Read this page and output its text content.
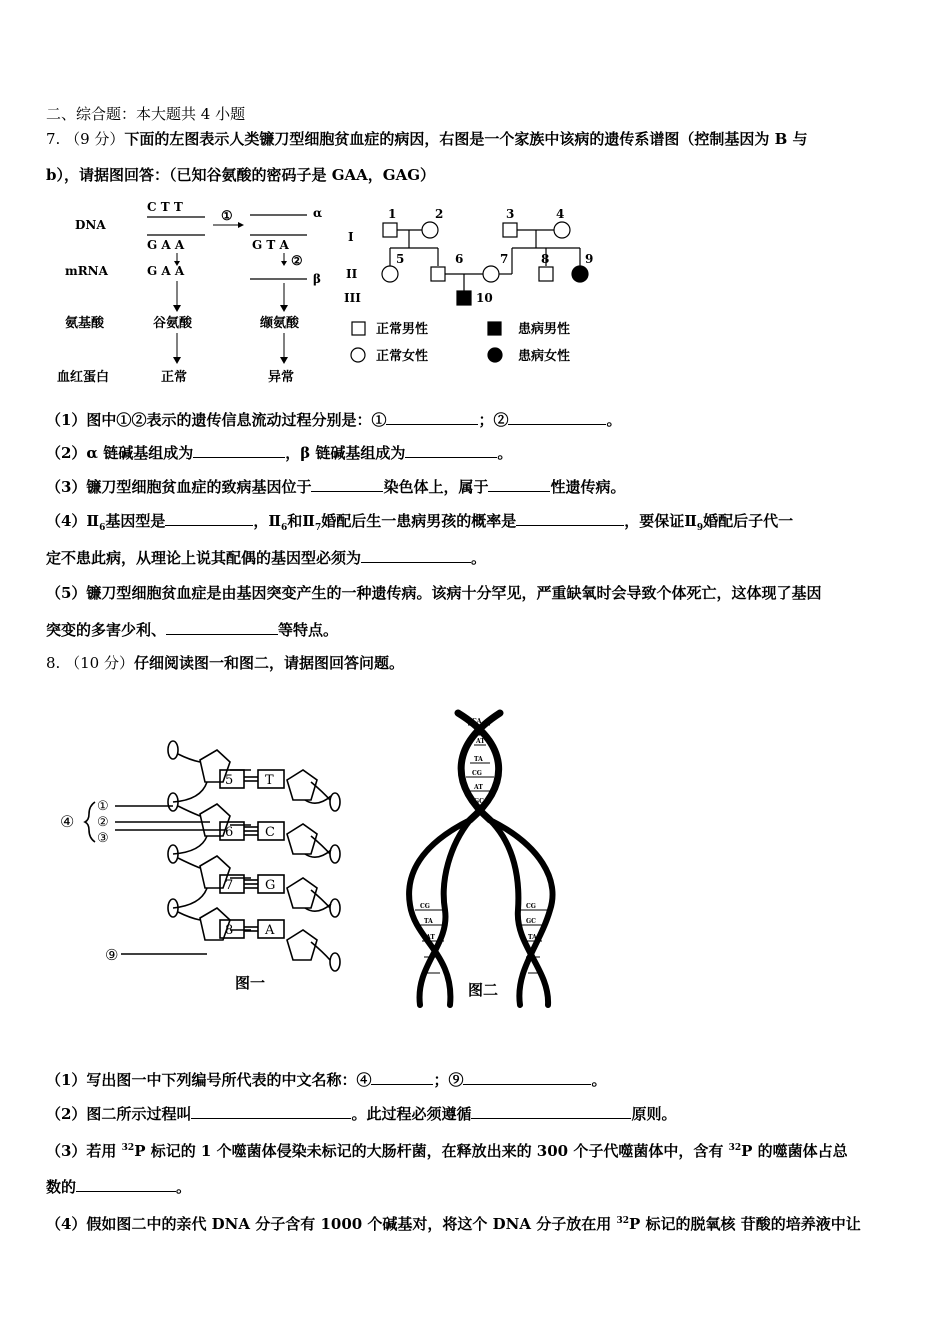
二、综合题：本大题共 4 小题
7. （9 分）下面的左图表示人类镰刀型细胞贫血症的病因，右图是一个家族中该病的遗传系谱图（控制基因为 B 与
b），请据图回答：（已知谷氨酸的密码子是 GAA，GAG）
DNA
mRNA
氨基酸
血红蛋白
C T T
G A A
G A A
谷氨酸
正常
①	α
G T A
②
β
缬氨酸
异常
I
II
III
1	2	3	4
5	6	7	8	9
10
正常男性	患病男性
正常女性	患病女性
（1）图中①②表示的遗传信息流动过程分别是：①	；②	。
（2）α 链碱基组成为	，β 链碱基组成为	。
（3）镰刀型细胞贫血症的致病基因位于	染色体上，属于	性遗传病。
$(4)Ⅱ_6$基因型是	，$Ⅱ_6$和$Ⅱ_7$婚配后生一患病男孩的概率是	，要保证$Ⅱ_9$婚配后子代一
定不患此病，从理论上说其配偶的基因型必须为	。
（5）镰刀型细胞贫血症是由基因突变产生的一种遗传病。该病十分罕见，严重缺氧时会导致个体死亡，这体现了基因
突变的多害少利、	等特点。
8. （10 分）仔细阅读图一和图二，请据图回答问题。
5 T
6 C
7 G
8 A
④
①
②
③
⑨
图一
CA
TA
AT
TA
CG
AT
GC
CG
TA
AT
CG
GC
TA
图二
（1）写出图一中下列编号所代表的中文名称：④	；⑨	。
（2）图二所示过程叫	。此过程必须遵循	原则。
（3）若用 $^{32}$P 标记的 1 个噬菌体侵染未标记的大肠杆菌，在释放出来的 300 个子代噬菌体中，含有 $^{32}$P 的噬菌体占总
数的	。
（4）假如图二中的亲代 DNA 分子含有 1000 个碱基对，将这个 DNA 分子放在用 $^{32}$P 标记的脱氧核 苷酸的培养液中让
